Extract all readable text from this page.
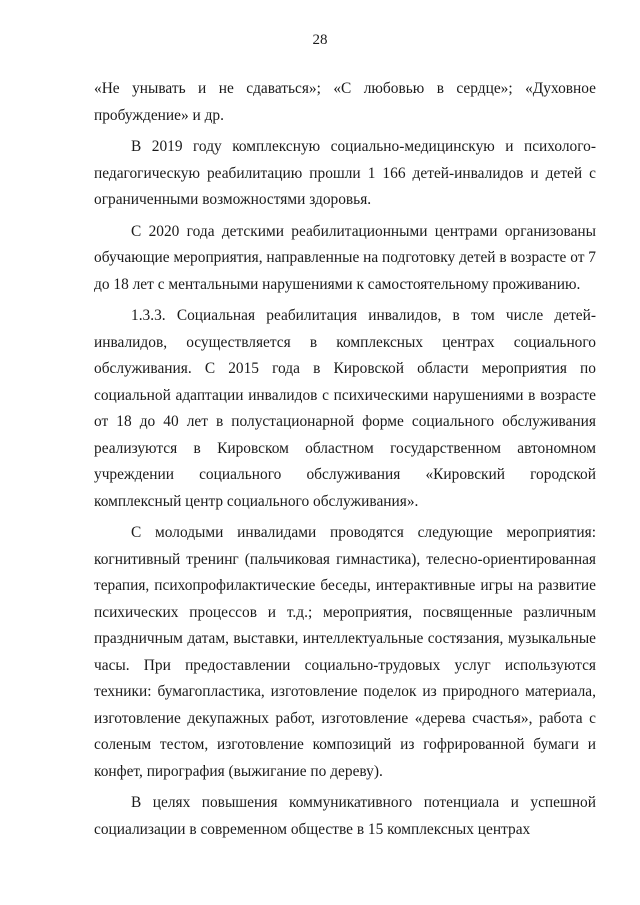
28

«Не унывать и не сдаваться»; «С любовью в сердце»; «Духовное пробуждение» и др.

В 2019 году комплексную социально-медицинскую и психолого-педагогическую реабилитацию прошли 1 166 детей-инвалидов и детей с ограниченными возможностями здоровья.

С 2020 года детскими реабилитационными центрами организованы обучающие мероприятия, направленные на подготовку детей в возрасте от 7 до 18 лет с ментальными нарушениями к самостоятельному проживанию.

1.3.3. Социальная реабилитация инвалидов, в том числе детей-инвалидов, осуществляется в комплексных центрах социального обслуживания. С 2015 года в Кировской области мероприятия по социальной адаптации инвалидов с психическими нарушениями в возрасте от 18 до 40 лет в полустационарной форме социального обслуживания реализуются в Кировском областном государственном автономном учреждении социального обслуживания «Кировский городской комплексный центр социального обслуживания».

С молодыми инвалидами проводятся следующие мероприятия: когнитивный тренинг (пальчиковая гимнастика), телесно-ориентированная терапия, психопрофилактические беседы, интерактивные игры на развитие психических процессов и т.д.; мероприятия, посвященные различным праздничным датам, выставки, интеллектуальные состязания, музыкальные часы. При предоставлении социально-трудовых услуг используются техники: бумагопластика, изготовление поделок из природного материала, изготовление декупажных работ, изготовление «дерева счастья», работа с соленым тестом, изготовление композиций из гофрированной бумаги и конфет, пирография (выжигание по дереву).

В целях повышения коммуникативного потенциала и успешной социализации в современном обществе в 15 комплексных центрах
